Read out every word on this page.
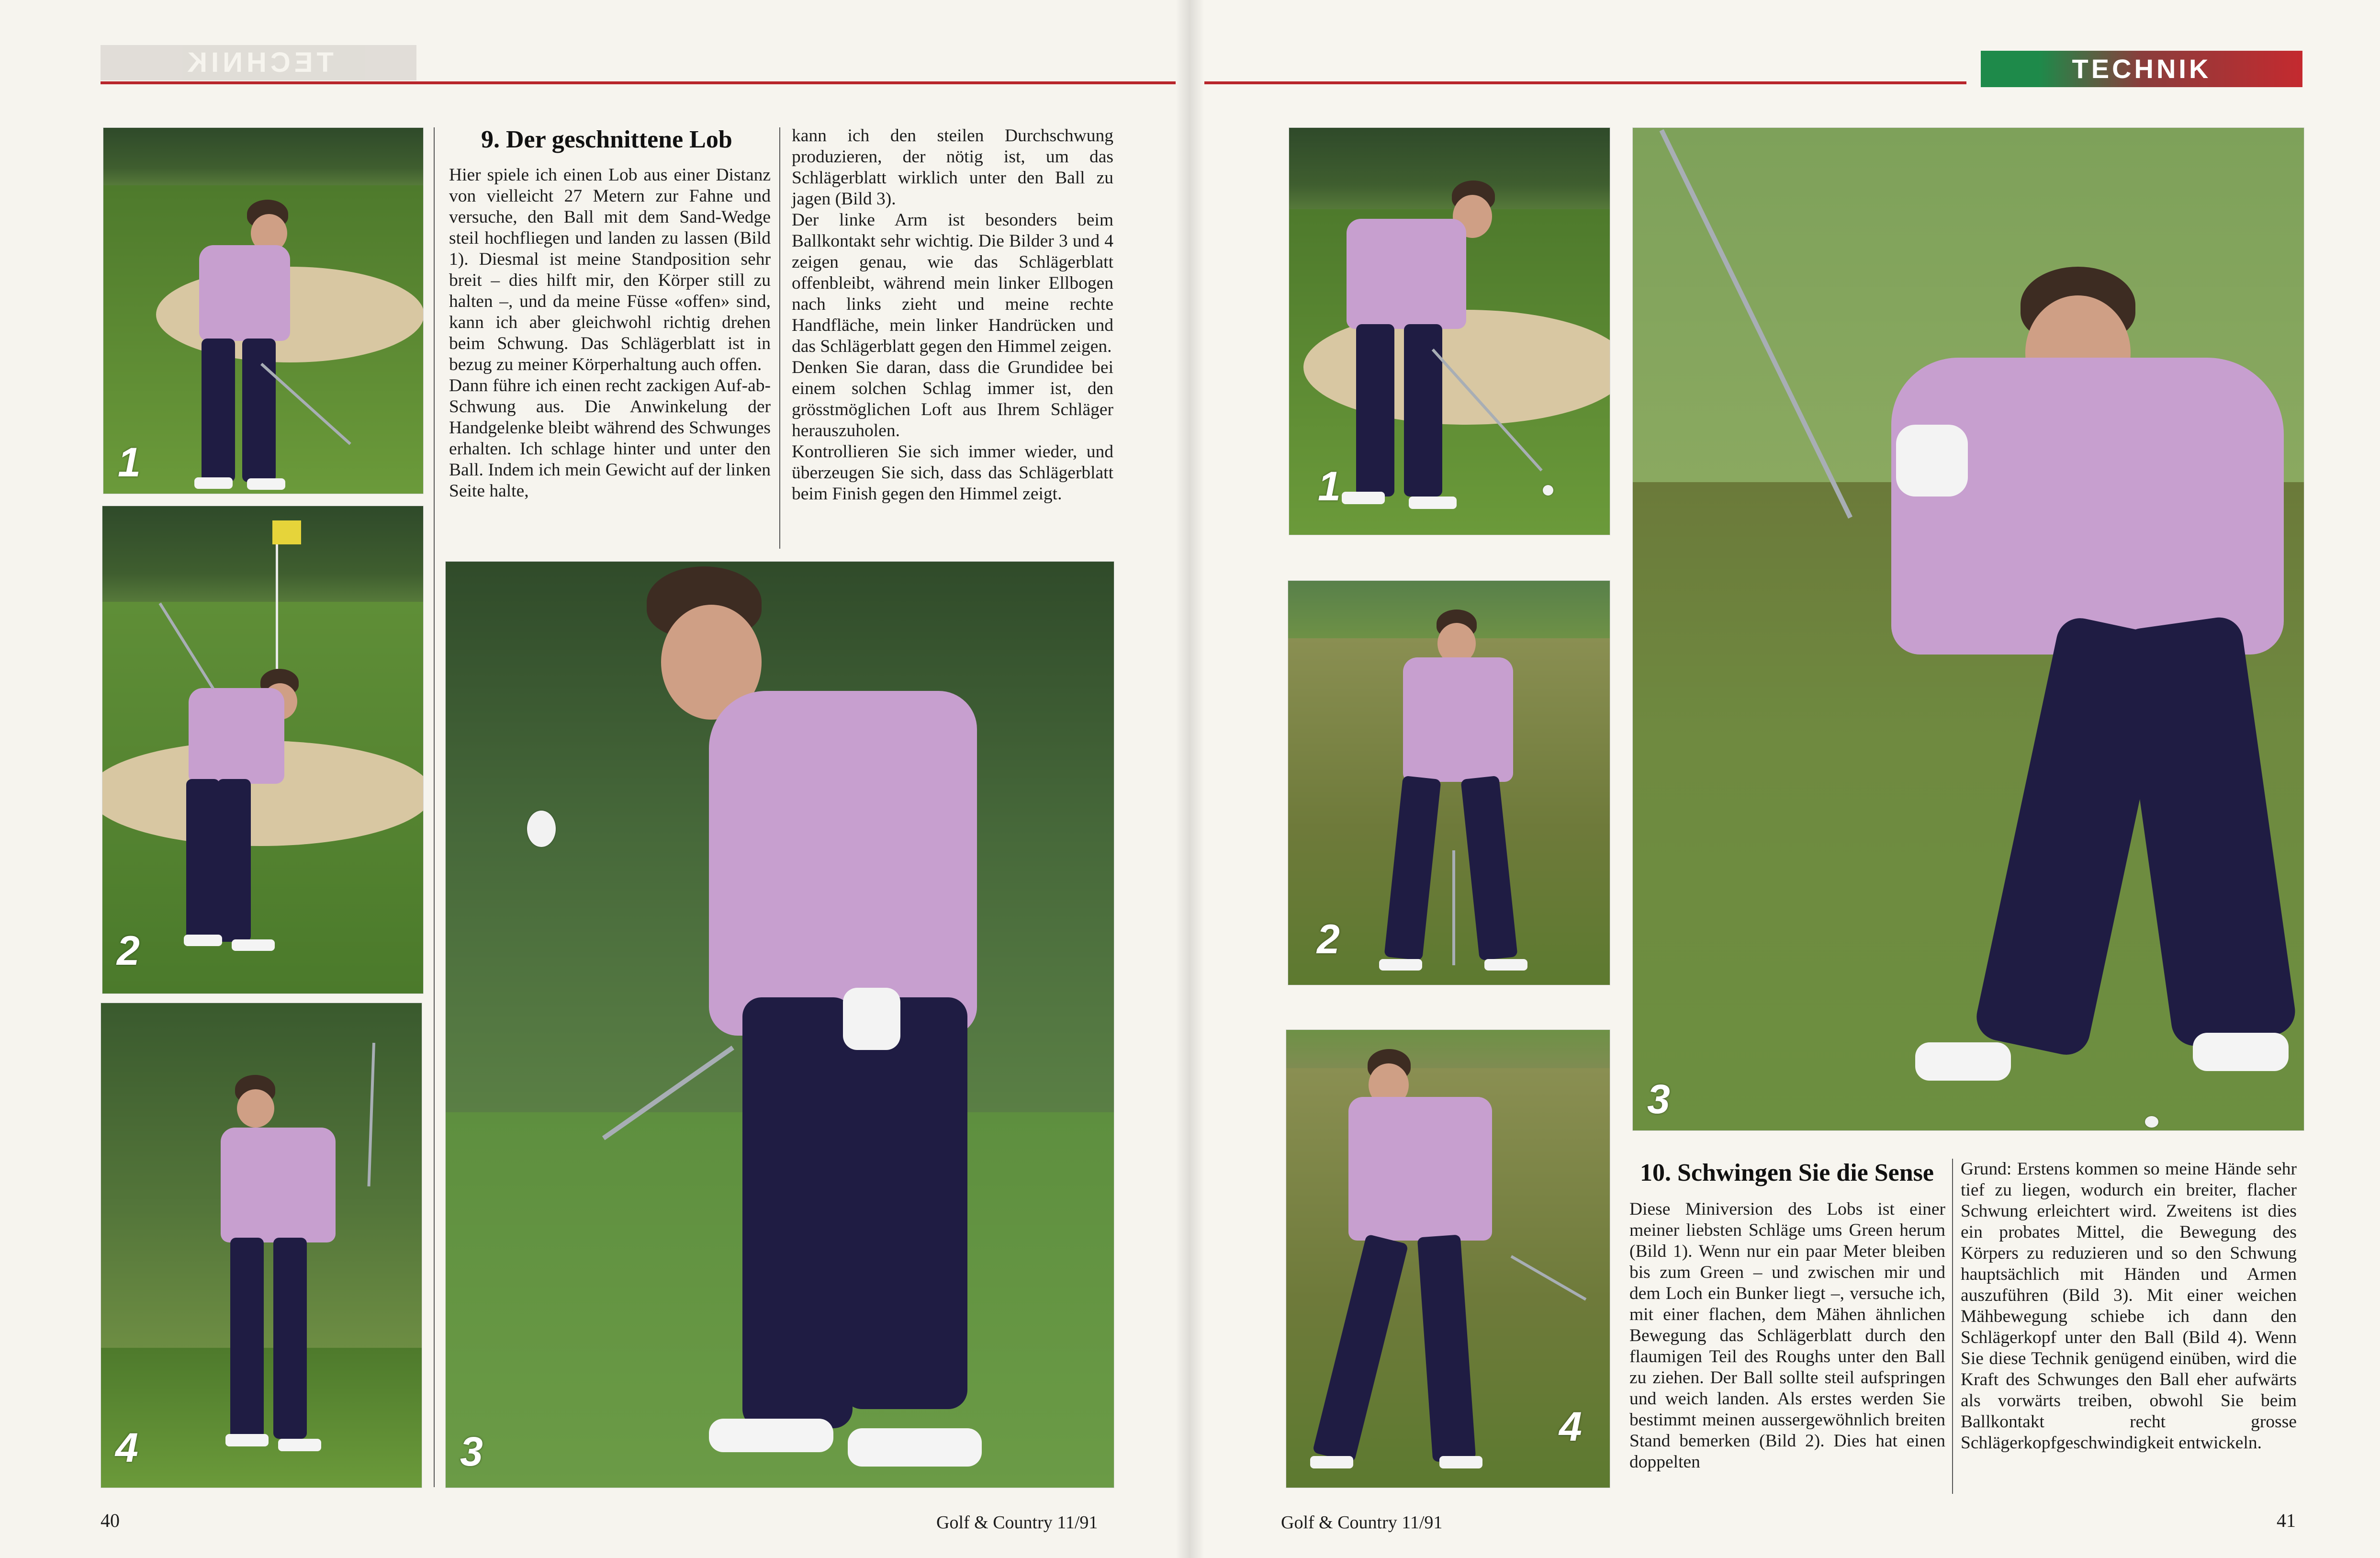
TECHNIK
1
2
4
9. Der geschnittene Lob

Hier spiele ich einen Lob aus einer Distanz von vielleicht 27 Metern zur Fahne und versuche, den Ball mit dem Sand-Wedge steil hochfliegen und landen zu lassen (Bild 1). Diesmal ist meine Standposition sehr breit – dies hilft mir, den Körper still zu halten –, und da meine Füsse «offen» sind, kann ich aber gleichwohl richtig drehen beim Schwung. Das Schlägerblatt ist in bezug zu meiner Körperhaltung auch offen.

Dann führe ich einen recht zackigen Auf-ab-Schwung aus. Die Anwinkelung der Handgelenke bleibt während des Schwunges erhalten. Ich schlage hinter und unter den Ball. Indem ich mein Gewicht auf der linken Seite halte,

kann ich den steilen Durchschwung produzieren, der nötig ist, um das Schlägerblatt wirklich unter den Ball zu jagen (Bild 3).

Der linke Arm ist besonders beim Ballkontakt sehr wichtig. Die Bilder 3 und 4 zeigen genau, wie das Schlägerblatt offenbleibt, während mein linker Ellbogen nach links zieht und meine rechte Handfläche, mein linker Handrücken und das Schlägerblatt gegen den Himmel zeigen.

Denken Sie daran, dass die Grundidee bei einem solchen Schlag immer ist, den grösstmöglichen Loft aus Ihrem Schläger herauszuholen.

Kontrollieren Sie sich immer wieder, und überzeugen Sie sich, dass das Schlägerblatt beim Finish gegen den Himmel zeigt.

3
40	Golf & Country 11/91
TECHNIK
1
2
4
3
10. Schwingen Sie die Sense

Diese Miniversion des Lobs ist einer meiner liebsten Schläge ums Green herum (Bild 1). Wenn nur ein paar Meter bleiben bis zum Green – und zwischen mir und dem Loch ein Bunker liegt –, versuche ich, mit einer flachen, dem Mähen ähnlichen Bewegung das Schlägerblatt durch den flaumigen Teil des Roughs unter den Ball zu ziehen. Der Ball sollte steil aufspringen und weich landen. Als erstes werden Sie bestimmt meinen aussergewöhnlich breiten Stand bemerken (Bild 2). Dies hat einen doppelten

Grund: Erstens kommen so meine Hände sehr tief zu liegen, wodurch ein breiter, flacher Schwung erleichtert wird. Zweitens ist dies ein probates Mittel, die Bewegung des Körpers zu reduzieren und so den Schwung hauptsächlich mit Händen und Armen auszuführen (Bild 3). Mit einer weichen Mähbewegung schiebe ich dann den Schlägerkopf unter den Ball (Bild 4). Wenn Sie diese Technik genügend einüben, wird die Kraft des Schwunges den Ball eher aufwärts als vorwärts treiben, obwohl Sie beim Ballkontakt recht grosse Schlägerkopfgeschwindigkeit entwickeln.

Golf & Country 11/91	41
